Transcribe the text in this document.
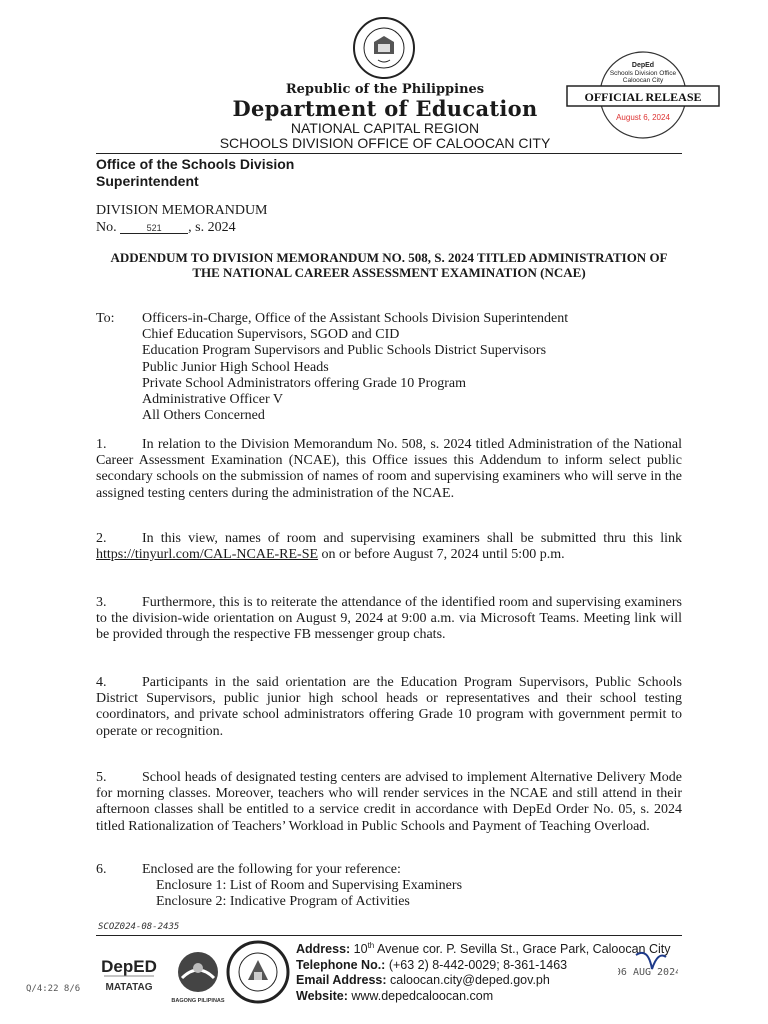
Republic of the Philippines
Department of Education
NATIONAL CAPITAL REGION
SCHOOLS DIVISION OFFICE OF CALOOCAN CITY
DepEd
Schools Division Office
Caloocan City
OFFICIAL RELEASE
August 6, 2024
Office of the Schools Division
Superintendent
DIVISION MEMORANDUM
No.	521 , s. 2024
ADDENDUM TO DIVISION MEMORANDUM NO. 508, S. 2024 TITLED ADMINISTRATION OF THE NATIONAL CAREER ASSESSMENT EXAMINATION (NCAE)
To: Officers-in-Charge, Office of the Assistant Schools Division Superintendent
Chief Education Supervisors, SGOD and CID
Education Program Supervisors and Public Schools District Supervisors
Public Junior High School Heads
Private School Administrators offering Grade 10 Program
Administrative Officer V
All Others Concerned
1.	In relation to the Division Memorandum No. 508, s. 2024 titled Administration of the National Career Assessment Examination (NCAE), this Office issues this Addendum to inform select public secondary schools on the submission of names of room and supervising examiners who will serve in the assigned testing centers during the administration of the NCAE.
2.	In this view, names of room and supervising examiners shall be submitted thru this link https://tinyurl.com/CAL-NCAE-RE-SE on or before August 7, 2024 until 5:00 p.m.
3.	Furthermore, this is to reiterate the attendance of the identified room and supervising examiners to the division-wide orientation on August 9, 2024 at 9:00 a.m. via Microsoft Teams. Meeting link will be provided through the respective FB messenger group chats.
4.	Participants in the said orientation are the Education Program Supervisors, Public Schools District Supervisors, public junior high school heads or representatives and their school testing coordinators, and private school administrators offering Grade 10 program with government permit to operate or recognition.
5.	School heads of designated testing centers are advised to implement Alternative Delivery Mode for morning classes. Moreover, teachers who will render services in the NCAE and still attend in their afternoon classes shall be entitled to a service credit in accordance with DepEd Order No. 05, s. 2024 titled Rationalization of Teachers’ Workload in Public Schools and Payment of Teaching Overload.
6.	Enclosed are the following for your reference:
Enclosure 1: List of Room and Supervising Examiners
Enclosure 2: Indicative Program of Activities
SCOZ024-08-2435
DepED
MATATAG
BAGONG PILIPINAS
Address: 10th Avenue cor. P. Sevilla St., Grace Park, Caloocan City
Telephone No.: (+63 2) 8-442-0029; 8-361-1463
Email Address: caloocan.city@deped.gov.ph
Website: www.depedcaloocan.com
06 AUG 2024
Q/4:22 8/6
